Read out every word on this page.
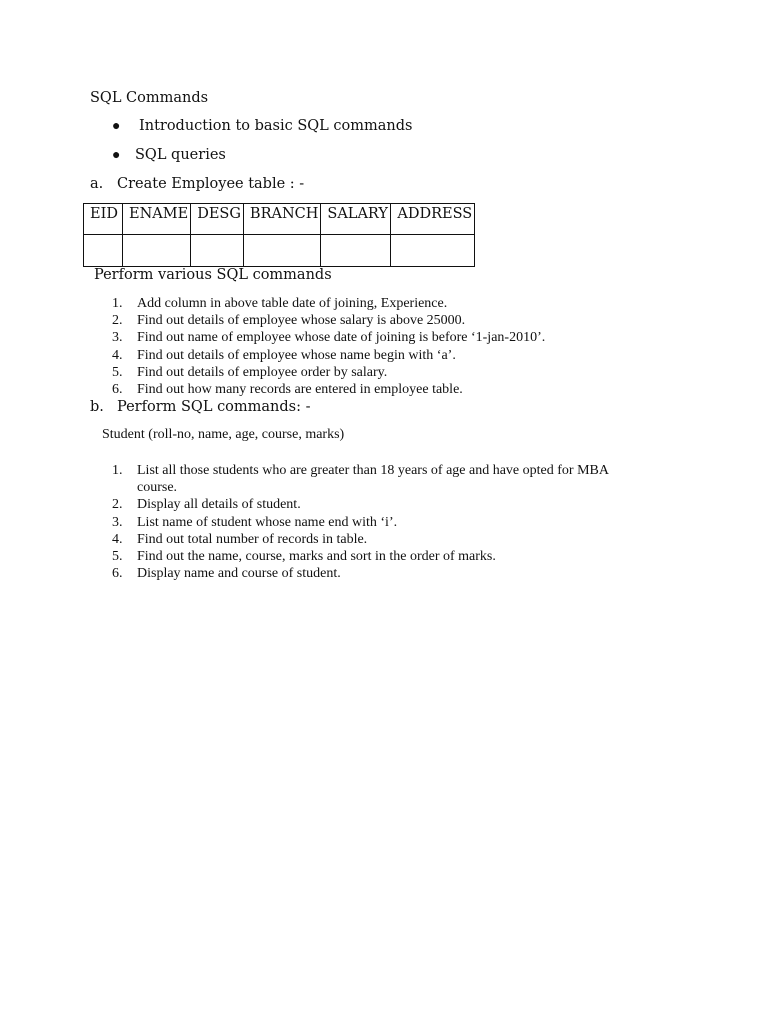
SQL Commands
● Introduction to basic SQL commands
● SQL queries
a. Create Employee table : -
EID	ENAME	DESG	BRANCH	SALARY	ADDRESS

Perform various SQL commands
1. Add column in above table date of joining, Experience.
2. Find out details of employee whose salary is above 25000.
3. Find out name of employee whose date of joining is before ‘1-jan-2010’.
4. Find out details of employee whose name begin with ‘a’.
5. Find out details of employee order by salary.
6. Find out how many records are entered in employee table.
b. Perform SQL commands: -
Student (roll-no, name, age, course, marks)
1. List all those students who are greater than 18 years of age and have opted for MBA
course.
2. Display all details of student.
3. List name of student whose name end with ‘i’.
4. Find out total number of records in table.
5. Find out the name, course, marks and sort in the order of marks.
6. Display name and course of student.
